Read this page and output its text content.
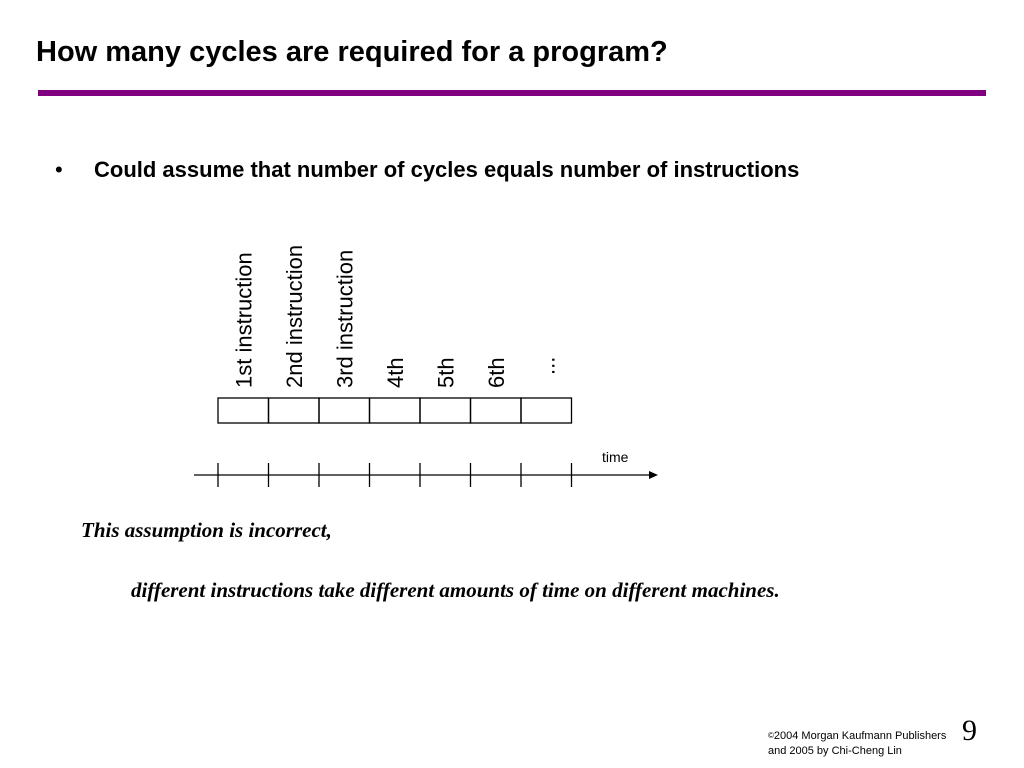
How many cycles are required for a program?
• Could assume that number of cycles equals number of instructions
1st instruction 2nd instruction 3rd instruction 4th 5th 6th ...
time
This assumption is incorrect,
different instructions take different amounts of time on different machines.
©2004 Morgan Kaufmann Publishers
and 2005 by Chi-Cheng Lin
9
